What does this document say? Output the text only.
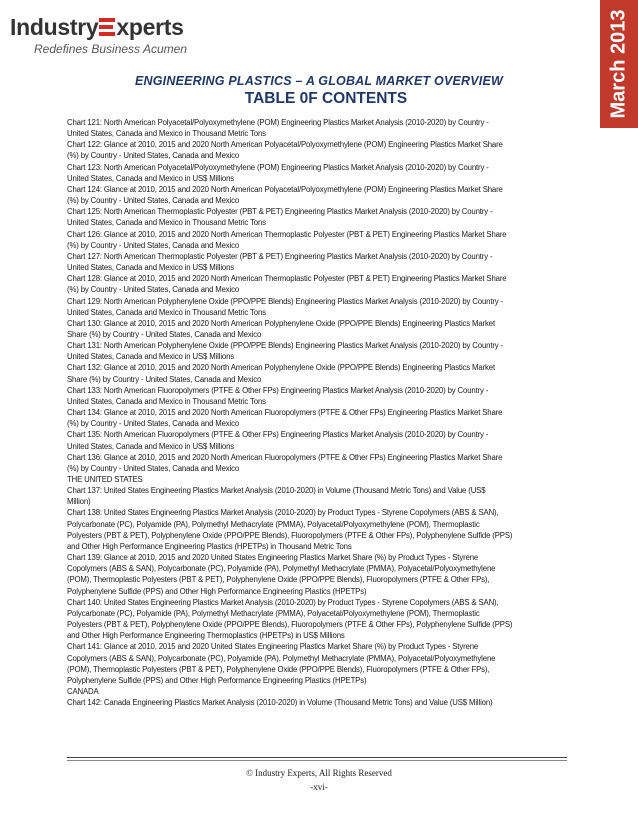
Industry xperts
Redefines Business Acumen	March 2013
ENGINEERING PLASTICS – A GLOBAL MARKET OVERVIEW
TABLE 0F CONTENTS
Chart 121: North American Polyacetal/Polyoxymethylene (POM) Engineering Plastics Market Analysis (2010-2020) by Country -
United States, Canada and Mexico in Thousand Metric Tons
Chart 122: Glance at 2010, 2015 and 2020 North American Polyacetal/Polyoxymethylene (POM) Engineering Plastics Market Share
(%) by Country - United States, Canada and Mexico
Chart 123: North American Polyacetal/Polyoxymethylene (POM) Engineering Plastics Market Analysis (2010-2020) by Country -
United States, Canada and Mexico in US$ Millions
Chart 124: Glance at 2010, 2015 and 2020 North American Polyacetal/Polyoxymethylene (POM) Engineering Plastics Market Share
(%) by Country - United States, Canada and Mexico
Chart 125: North American Thermoplastic Polyester (PBT & PET) Engineering Plastics Market Analysis (2010-2020) by Country -
United States, Canada and Mexico in Thousand Metric Tons
Chart 126: Glance at 2010, 2015 and 2020 North American Thermoplastic Polyester (PBT & PET) Engineering Plastics Market Share
(%) by Country - United States, Canada and Mexico
Chart 127: North American Thermoplastic Polyester (PBT & PET) Engineering Plastics Market Analysis (2010-2020) by Country -
United States, Canada and Mexico in US$ Millions
Chart 128: Glance at 2010, 2015 and 2020 North American Thermoplastic Polyester (PBT & PET) Engineering Plastics Market Share
(%) by Country - United States, Canada and Mexico
Chart 129: North American Polyphenylene Oxide (PPO/PPE Blends) Engineering Plastics Market Analysis (2010-2020) by Country -
United States, Canada and Mexico in Thousand Metric Tons
Chart 130: Glance at 2010, 2015 and 2020 North American Polyphenylene Oxide (PPO/PPE Blends) Engineering Plastics Market
Share (%) by Country - United States, Canada and Mexico
Chart 131: North American Polyphenylene Oxide (PPO/PPE Blends) Engineering Plastics Market Analysis (2010-2020) by Country -
United States, Canada and Mexico in US$ Millions
Chart 132: Glance at 2010, 2015 and 2020 North American Polyphenylene Oxide (PPO/PPE Blends) Engineering Plastics Market
Share (%) by Country - United States, Canada and Mexico
Chart 133: North American Fluoropolymers (PTFE & Other FPs) Engineering Plastics Market Analysis (2010-2020) by Country -
United States, Canada and Mexico in Thousand Metric Tons
Chart 134: Glance at 2010, 2015 and 2020 North American Fluoropolymers (PTFE & Other FPs) Engineering Plastics Market Share
(%) by Country - United States, Canada and Mexico
Chart 135: North American Fluoropolymers (PTFE & Other FPs) Engineering Plastics Market Analysis (2010-2020) by Country -
United States, Canada and Mexico in US$ Millions
Chart 136: Glance at 2010, 2015 and 2020 North American Fluoropolymers (PTFE & Other FPs) Engineering Plastics Market Share
(%) by Country - United States, Canada and Mexico
THE UNITED STATES
Chart 137: United States Engineering Plastics Market Analysis (2010-2020) in Volume (Thousand Metric Tons) and Value (US$
Million)
Chart 138: United States Engineering Plastics Market Analysis (2010-2020) by Product Types - Styrene Copolymers (ABS & SAN),
Polycarbonate (PC), Polyamide (PA), Polymethyl Methacrylate (PMMA), Polyacetal/Polyoxymethylene (POM), Thermoplastic
Polyesters (PBT & PET), Polyphenylene Oxide (PPO/PPE Blends), Fluoropolymers (PTFE & Other FPs), Polyphenylene Sulfide (PPS)
and Other High Performance Engineering Plastics (HPETPs) in Thousand Metric Tons
Chart 139: Glance at 2010, 2015 and 2020 United States Engineering Plastics Market Share (%) by Product Types - Styrene
Copolymers (ABS & SAN), Polycarbonate (PC), Polyamide (PA), Polymethyl Methacrylate (PMMA), Polyacetal/Polyoxymethylene
(POM), Thermoplastic Polyesters (PBT & PET), Polyphenylene Oxide (PPO/PPE Blends), Fluoropolymers (PTFE & Other FPs),
Polyphenylene Sulfide (PPS) and Other High Performance Engineering Plastics (HPETPs)
Chart 140: United States Engineering Plastics Market Analysis (2010-2020) by Product Types - Styrene Copolymers (ABS & SAN),
Polycarbonate (PC), Polyamide (PA), Polymethyl Methacrylate (PMMA), Polyacetal/Polyoxymethylene (POM), Thermoplastic
Polyesters (PBT & PET), Polyphenylene Oxide (PPO/PPE Blends), Fluoropolymers (PTFE & Other FPs), Polyphenylene Sulfide (PPS)
and Other High Performance Engineering Thermoplastics (HPETPs) in US$ Millions
Chart 141: Glance at 2010, 2015 and 2020 United States Engineering Plastics Market Share (%) by Product Types - Styrene
Copolymers (ABS & SAN), Polycarbonate (PC), Polyamide (PA), Polymethyl Methacrylate (PMMA), Polyacetal/Polyoxymethylene
(POM), Thermoplastic Polyesters (PBT & PET), Polyphenylene Oxide (PPO/PPE Blends), Fluoropolymers (PTFE & Other FPs),
Polyphenylene Sulfide (PPS) and Other High Performance Engineering Plastics (HPETPs)
CANADA
Chart 142: Canada Engineering Plastics Market Analysis (2010-2020) in Volume (Thousand Metric Tons) and Value (US$ Million)
© Industry Experts, All Rights Reserved
-xvi-
